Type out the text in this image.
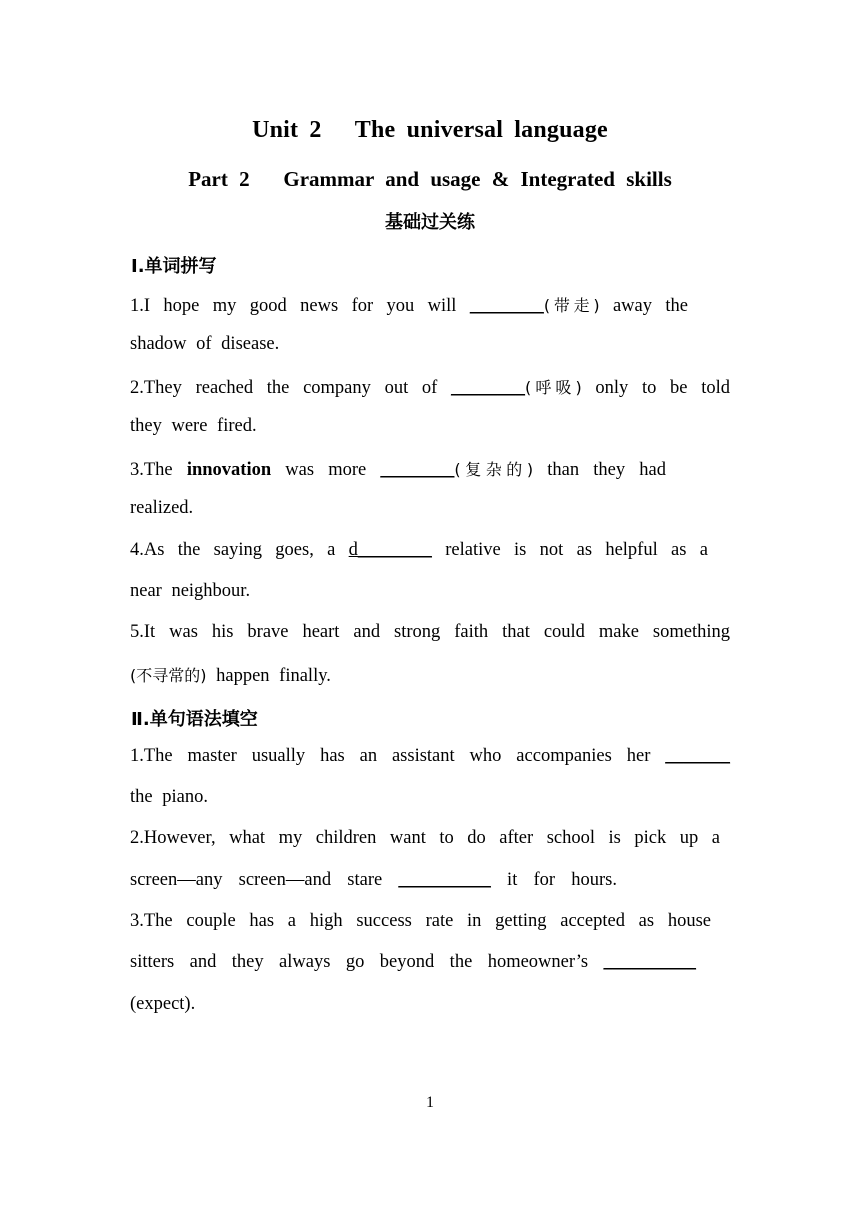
Unit 2   The universal language
Part 2   Grammar and usage & Integrated skills
基础过关练
Ⅰ.单词拼写
1.I hope my good news for you will ________(带走) away the
shadow of disease.
2.They reached the company out of ________(呼吸) only to be told
they were fired.
3.The innovation was more ________(复杂的) than they had
realized.
4.As the saying goes, a d________ relative is not as helpful as a
near neighbour.
5.It was his brave heart and strong faith that could make something
(不寻常的) happen finally.
Ⅱ.单句语法填空
1.The master usually has an assistant who accompanies her _______
the piano.
2.However, what my children want to do after school is pick up a
screen—any screen—and stare __________ it for hours.
3.The couple has a high success rate in getting accepted as house
sitters and they always go beyond the homeowner’s __________
(expect).
1
